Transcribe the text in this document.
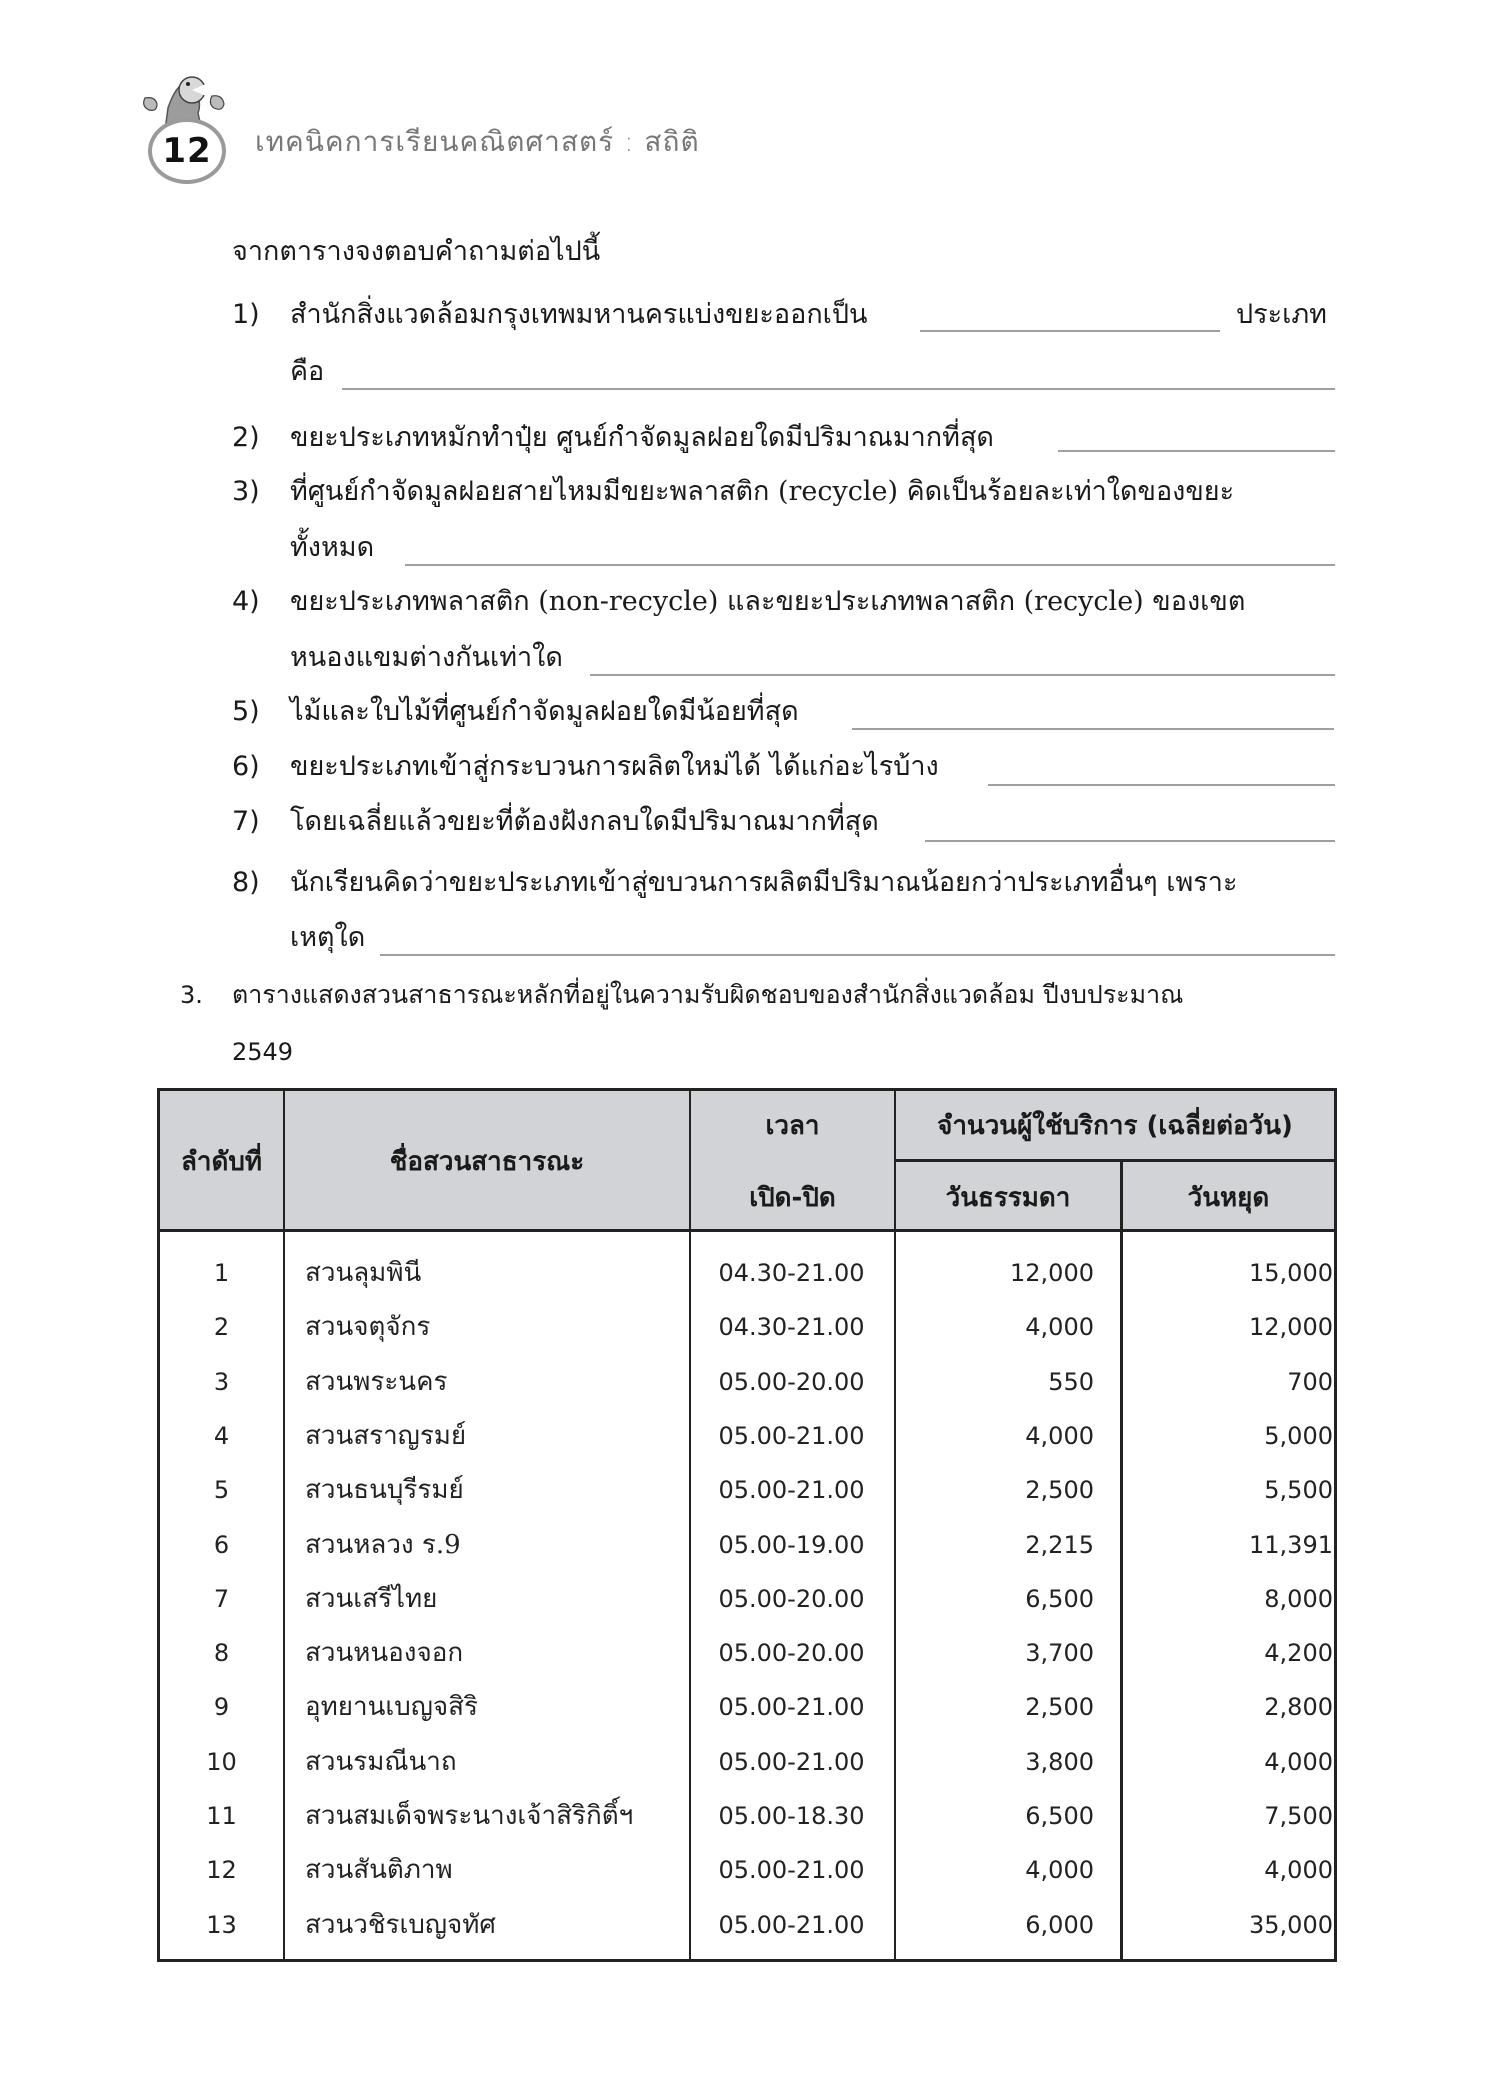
12	เทคนิคการเรียนคณิตศาสตร์ : สถิติ
จากตารางจงตอบคำถามต่อไปนี้
1) สำนักสิ่งแวดล้อมกรุงเทพมหานครแบ่งขยะออกเป็น	ประเภท
คือ
2) ขยะประเภทหมักทำปุ๋ย ศูนย์กำจัดมูลฝอยใดมีปริมาณมากที่สุด
3) ที่ศูนย์กำจัดมูลฝอยสายไหมมีขยะพลาสติก (recycle) คิดเป็นร้อยละเท่าใดของขยะ
ทั้งหมด
4) ขยะประเภทพลาสติก (non-recycle) และขยะประเภทพลาสติก (recycle) ของเขต
หนองแขมต่างกันเท่าใด
5) ไม้และใบไม้ที่ศูนย์กำจัดมูลฝอยใดมีน้อยที่สุด
6) ขยะประเภทเข้าสู่กระบวนการผลิตใหม่ได้ ได้แก่อะไรบ้าง
7) โดยเฉลี่ยแล้วขยะที่ต้องฝังกลบใดมีปริมาณมากที่สุด
8) นักเรียนคิดว่าขยะประเภทเข้าสู่ขบวนการผลิตมีปริมาณน้อยกว่าประเภทอื่นๆ เพราะ
เหตุใด
3. ตารางแสดงสวนสาธารณะหลักที่อยู่ในความรับผิดชอบของสำนักสิ่งแวดล้อม ปีงบประมาณ
2549
ลำดับที่	ชื่อสวนสาธารณะ
เวลา
เปิด-ปิด
จำนวนผู้ใช้บริการ (เฉลี่ยต่อวัน)
วันธรรมดา	วันหยุด
1	สวนลุมพินี	04.30-21.00	12,000	15,000
2	สวนจตุจักร	04.30-21.00	4,000	12,000
3	สวนพระนคร	05.00-20.00	550	700
4	สวนสราญรมย์	05.00-21.00	4,000	5,000
5	สวนธนบุรีรมย์	05.00-21.00	2,500	5,500
6	สวนหลวง ร.9	05.00-19.00	2,215	11,391
7	สวนเสรีไทย	05.00-20.00	6,500	8,000
8	สวนหนองจอก	05.00-20.00	3,700	4,200
9	อุทยานเบญจสิริ	05.00-21.00	2,500	2,800
10	สวนรมณีนาถ	05.00-21.00	3,800	4,000
11	สวนสมเด็จพระนางเจ้าสิริกิติ์ฯ	05.00-18.30	6,500	7,500
12	สวนสันติภาพ	05.00-21.00	4,000	4,000
13	สวนวชิรเบญจทัศ	05.00-21.00	6,000	35,000
